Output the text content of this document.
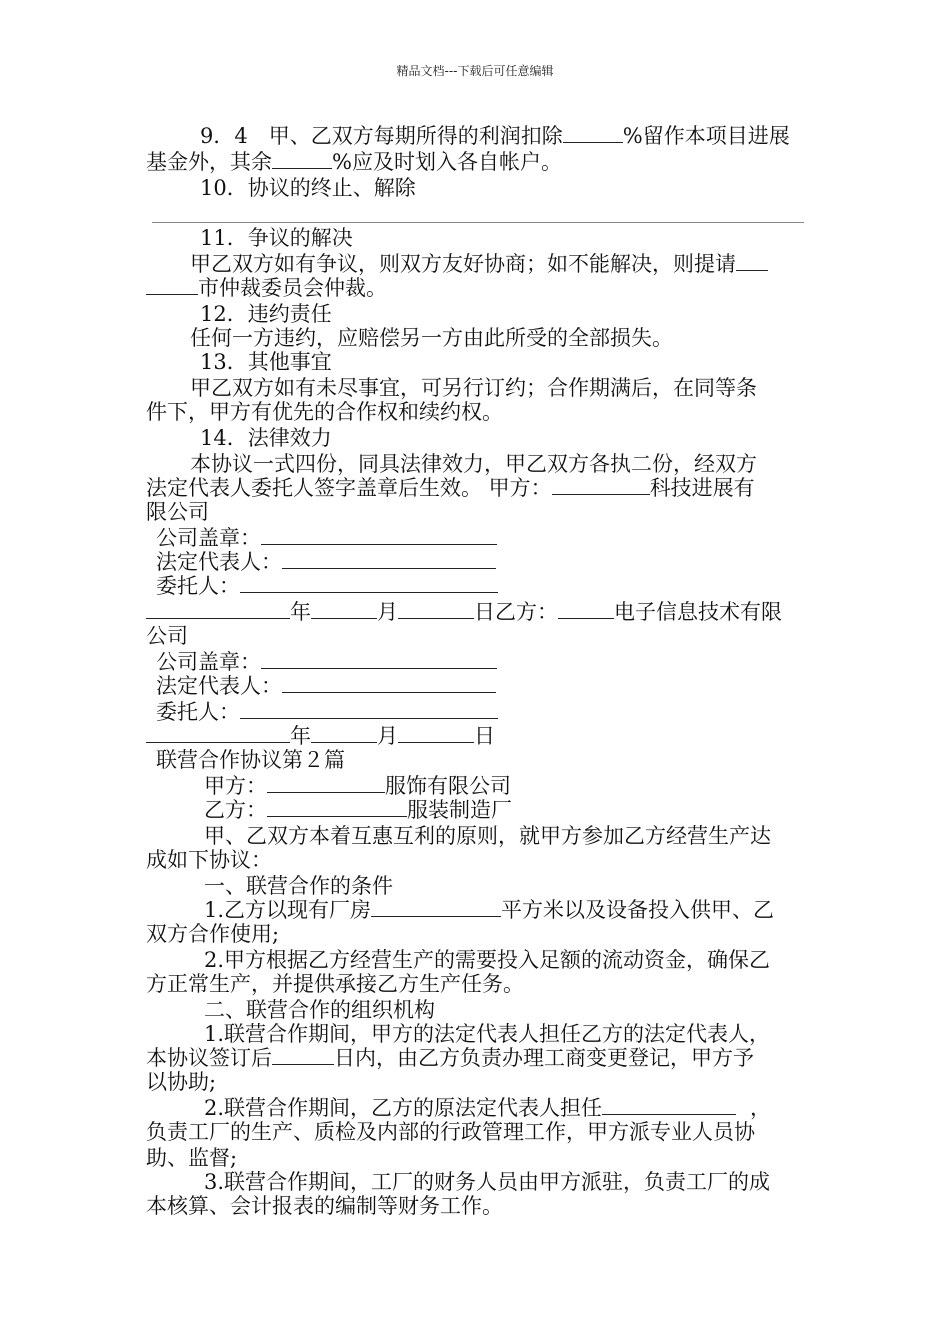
精品文档---下载后可任意编辑
9．4　甲、乙双方每期所得的利润扣除	%留作本项目进展
基金外，其余	%应及时划入各自帐户。
10．协议的终止、解除
11．争议的解决
甲乙双方如有争议，则双方友好协商；如不能解决，则提请
市仲裁委员会仲裁。
12．违约责任
任何一方违约，应赔偿另一方由此所受的全部损失。
13．其他事宜
甲乙双方如有未尽事宜，可另行订约；合作期满后，在同等条
件下，甲方有优先的合作权和续约权。
14．法律效力
本协议一式四份，同具法律效力，甲乙双方各执二份，经双方
法定代表人委托人签字盖章后生效。 甲方：	科技进展有
限公司
公司盖章：
法定代表人：
委托人：
年	月	日乙方：	电子信息技术有限
公司
公司盖章：
法定代表人：
委托人：
年	月	日
联营合作协议第２篇
甲方：	服饰有限公司
乙方：	服装制造厂
甲、乙双方本着互惠互利的原则，就甲方参加乙方经营生产达
成如下协议：
一、联营合作的条件
1.乙方以现有厂房	平方米以及设备投入供甲、乙
双方合作使用;
2.甲方根据乙方经营生产的需要投入足额的流动资金，确保乙
方正常生产，并提供承接乙方生产任务。
二、联营合作的组织机构
1.联营合作期间，甲方的法定代表人担任乙方的法定代表人，
本协议签订后	日内，由乙方负责办理工商变更登记，甲方予
以协助;
2.联营合作期间，乙方的原法定代表人担任	，
负责工厂的生产、质检及内部的行政管理工作，甲方派专业人员协
助、监督;
3.联营合作期间，工厂的财务人员由甲方派驻，负责工厂的成
本核算、会计报表的编制等财务工作。
